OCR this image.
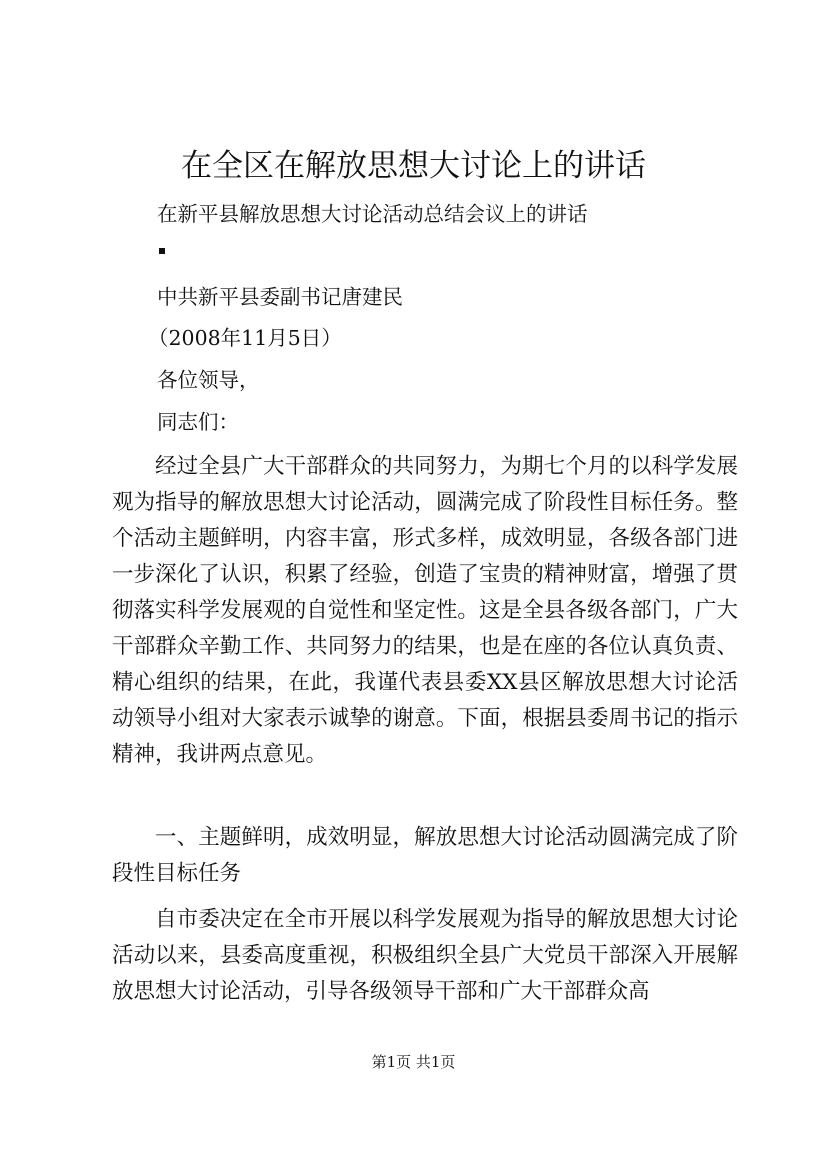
在全区在解放思想大讨论上的讲话

在新平县解放思想大讨论活动总结会议上的讲话

中共新平县委副书记唐建民

（2008年11月5日）

各位领导，

同志们：

经过全县广大干部群众的共同努力，为期七个月的以科学发展观为指导的解放思想大讨论活动，圆满完成了阶段性目标任务。整个活动主题鲜明，内容丰富，形式多样，成效明显，各级各部门进一步深化了认识，积累了经验，创造了宝贵的精神财富，增强了贯彻落实科学发展观的自觉性和坚定性。这是全县各级各部门，广大干部群众辛勤工作、共同努力的结果，也是在座的各位认真负责、精心组织的结果，在此，我谨代表县委XX县区解放思想大讨论活动领导小组对大家表示诚挚的谢意。下面，根据县委周书记的指示精神，我讲两点意见。

一、主题鲜明，成效明显，解放思想大讨论活动圆满完成了阶段性目标任务

自市委决定在全市开展以科学发展观为指导的解放思想大讨论活动以来，县委高度重视，积极组织全县广大党员干部深入开展解放思想大讨论活动，引导各级领导干部和广大干部群众高

第1页 共1页
